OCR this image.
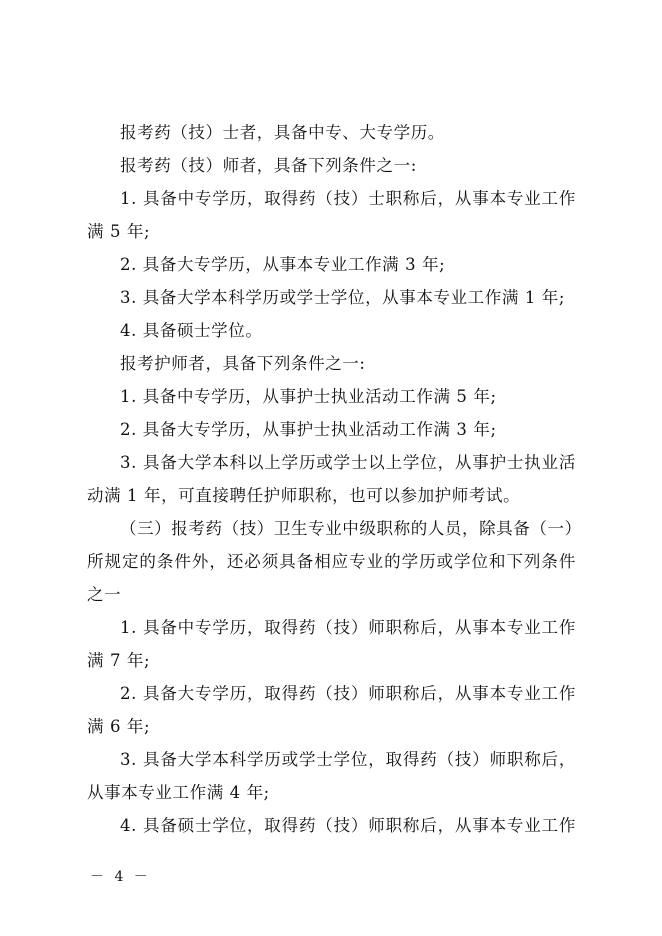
报考药（技）士者，具备中专、大专学历。
报考药（技）师者，具备下列条件之一:
1. 具备中专学历，取得药（技）士职称后，从事本专业工作
满 5 年;
2. 具备大专学历，从事本专业工作满 3 年;
3. 具备大学本科学历或学士学位，从事本专业工作满 1 年;
4. 具备硕士学位。
报考护师者，具备下列条件之一:
1. 具备中专学历，从事护士执业活动工作满 5 年;
2. 具备大专学历，从事护士执业活动工作满 3 年;
3. 具备大学本科以上学历或学士以上学位，从事护士执业活
动满 1 年，可直接聘任护师职称，也可以参加护师考试。
（三）报考药（技）卫生专业中级职称的人员，除具备（一）
所规定的条件外，还必须具备相应专业的学历或学位和下列条件
之一
1. 具备中专学历，取得药（技）师职称后，从事本专业工作
满 7 年;
2. 具备大专学历，取得药（技）师职称后，从事本专业工作
满 6 年;
3. 具备大学本科学历或学士学位，取得药（技）师职称后，
从事本专业工作满 4 年;
4. 具备硕士学位，取得药（技）师职称后，从事本专业工作
－ 4 －
